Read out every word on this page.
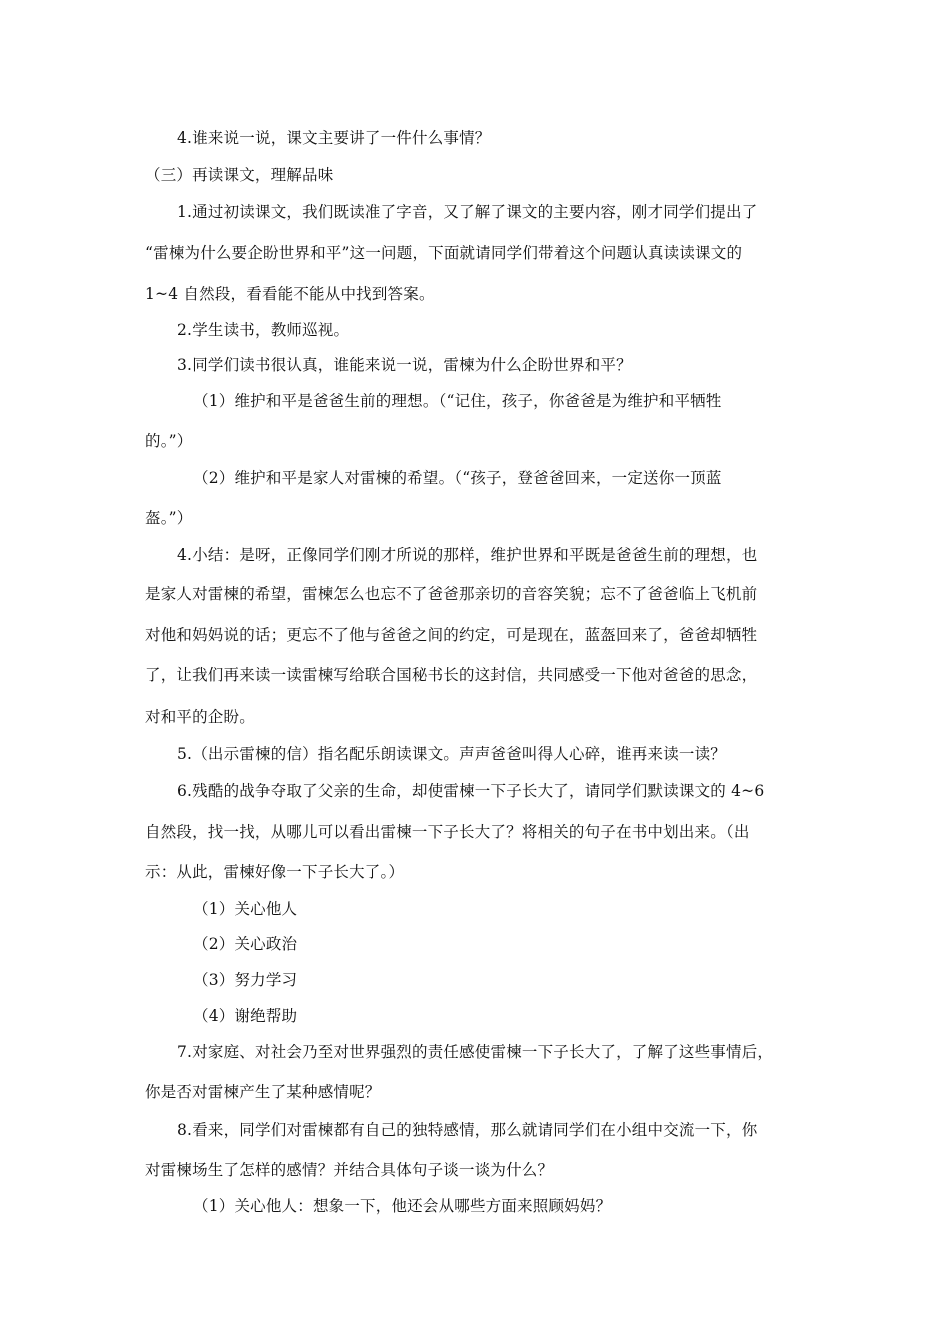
4.谁来说一说，课文主要讲了一件什么事情？
（三）再读课文，理解品味
1.通过初读课文，我们既读准了字音，又了解了课文的主要内容，刚才同学们提出了
“雷楝为什么要企盼世界和平”这一问题，下面就请同学们带着这个问题认真读读课文的
1~4 自然段，看看能不能从中找到答案。
2.学生读书，教师巡视。
3.同学们读书很认真，谁能来说一说，雷楝为什么企盼世界和平？
（1）维护和平是爸爸生前的理想。（“记住，孩子，你爸爸是为维护和平牺牲
的。”）
（2）维护和平是家人对雷楝的希望。（“孩子，登爸爸回来，一定送你一顶蓝
盔。”）
4.小结：是呀，正像同学们刚才所说的那样，维护世界和平既是爸爸生前的理想，也
是家人对雷楝的希望，雷楝怎么也忘不了爸爸那亲切的音容笑貌；忘不了爸爸临上飞机前
对他和妈妈说的话；更忘不了他与爸爸之间的约定，可是现在，蓝盔回来了，爸爸却牺牲
了，让我们再来读一读雷楝写给联合国秘书长的这封信，共同感受一下他对爸爸的思念，
对和平的企盼。
5.（出示雷楝的信）指名配乐朗读课文。声声爸爸叫得人心碎，谁再来读一读？
6.残酷的战争夺取了父亲的生命，却使雷楝一下子长大了，请同学们默读课文的 4~6
自然段，找一找，从哪儿可以看出雷楝一下子长大了？将相关的句子在书中划出来。（出
示：从此，雷楝好像一下子长大了。）
（1）关心他人
（2）关心政治
（3）努力学习
（4）谢绝帮助
7.对家庭、对社会乃至对世界强烈的责任感使雷楝一下子长大了，了解了这些事情后，
你是否对雷楝产生了某种感情呢？
8.看来，同学们对雷楝都有自己的独特感情，那么就请同学们在小组中交流一下，你
对雷楝场生了怎样的感情？并结合具体句子谈一谈为什么？
（1）关心他人：想象一下，他还会从哪些方面来照顾妈妈？
